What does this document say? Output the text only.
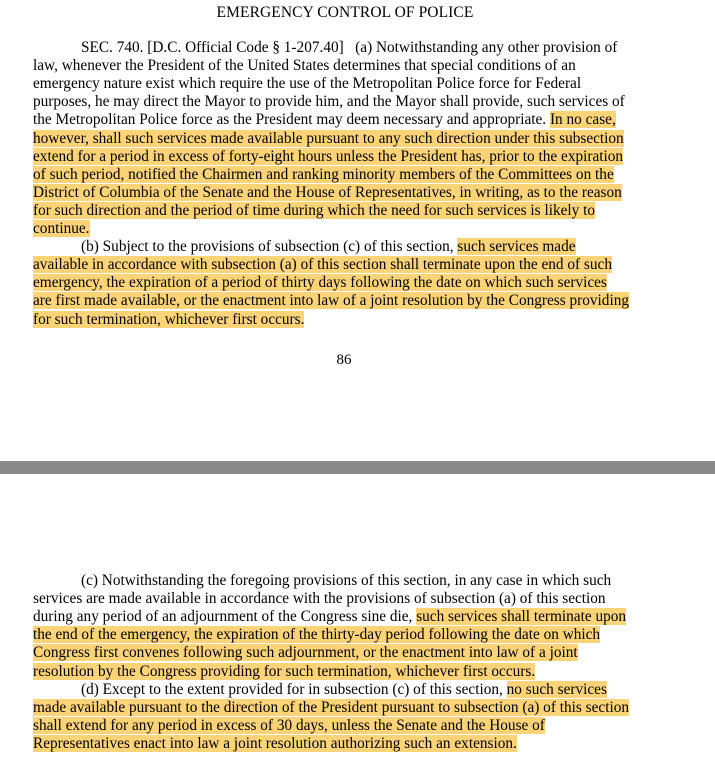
EMERGENCY CONTROL OF POLICE
SEC. 740. [D.C. Official Code § 1-207.40]   (a) Notwithstanding any other provision of
law, whenever the President of the United States determines that special conditions of an
emergency nature exist which require the use of the Metropolitan Police force for Federal
purposes, he may direct the Mayor to provide him, and the Mayor shall provide, such services of
the Metropolitan Police force as the President may deem necessary and appropriate. In no case,
however, shall such services made available pursuant to any such direction under this subsection
extend for a period in excess of forty-eight hours unless the President has, prior to the expiration
of such period, notified the Chairmen and ranking minority members of the Committees on the
District of Columbia of the Senate and the House of Representatives, in writing, as to the reason
for such direction and the period of time during which the need for such services is likely to
continue.
(b) Subject to the provisions of subsection (c) of this section, such services made
available in accordance with subsection (a) of this section shall terminate upon the end of such
emergency, the expiration of a period of thirty days following the date on which such services
are first made available, or the enactment into law of a joint resolution by the Congress providing
for such termination, whichever first occurs.
86
(c) Notwithstanding the foregoing provisions of this section, in any case in which such
services are made available in accordance with the provisions of subsection (a) of this section
during any period of an adjournment of the Congress sine die, such services shall terminate upon
the end of the emergency, the expiration of the thirty-day period following the date on which
Congress first convenes following such adjournment, or the enactment into law of a joint
resolution by the Congress providing for such termination, whichever first occurs.
(d) Except to the extent provided for in subsection (c) of this section, no such services
made available pursuant to the direction of the President pursuant to subsection (a) of this section
shall extend for any period in excess of 30 days, unless the Senate and the House of
Representatives enact into law a joint resolution authorizing such an extension.
